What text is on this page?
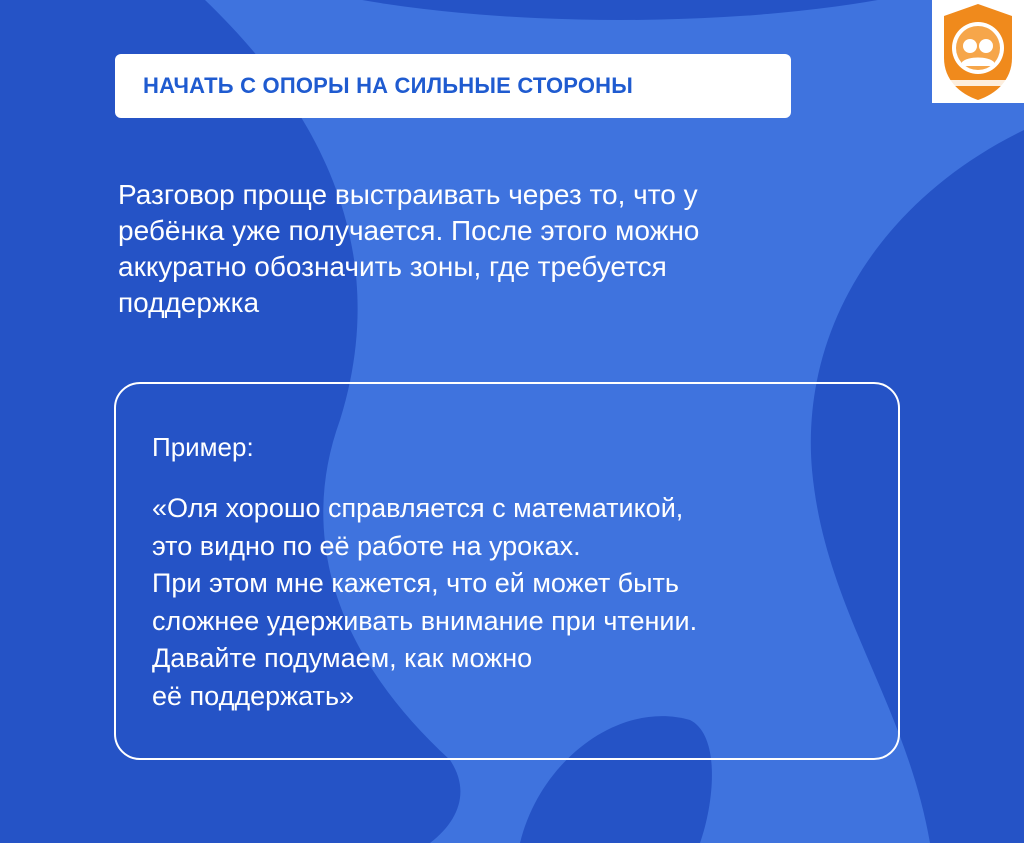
НАЧАТЬ С ОПОРЫ НА СИЛЬНЫЕ СТОРОНЫ
Разговор проще выстраивать через то, что у
ребёнка уже получается. После этого можно
аккуратно обозначить зоны, где требуется
поддержка
Пример:
«Оля хорошо справляется с математикой,
это видно по её работе на уроках.
При этом мне кажется, что ей может быть
сложнее удерживать внимание при чтении.
Давайте подумаем, как можно
её поддержать»
